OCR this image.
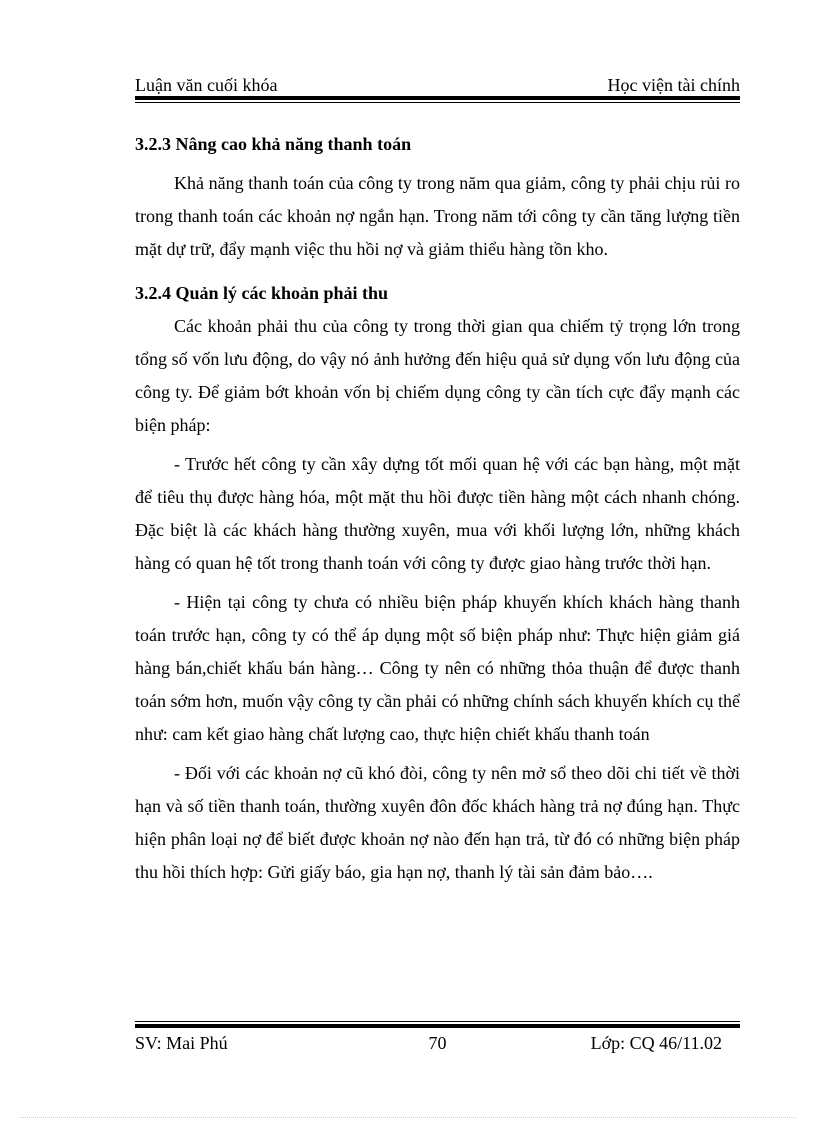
Luận văn cuối khóa	Học viện tài chính

3.2.3 Nâng cao khả năng thanh toán

Khả năng thanh toán của công ty trong năm qua giảm, công ty phải chịu rủi ro trong thanh toán các khoản nợ ngắn hạn. Trong năm tới công ty cần tăng lượng tiền mặt dự trữ, đẩy mạnh việc thu hồi nợ và giảm thiểu hàng tồn kho.

3.2.4 Quản lý các khoản phải thu

Các khoản phải thu của công ty trong thời gian qua chiếm tỷ trọng lớn trong tổng số vốn lưu động, do vậy nó ảnh hưởng đến hiệu quả sử dụng vốn lưu động của công ty. Để giảm bớt khoản vốn bị chiếm dụng công ty cần tích cực đẩy mạnh các biện pháp:

- Trước hết công ty cần xây dựng tốt mối quan hệ với các bạn hàng, một mặt để tiêu thụ được hàng hóa, một mặt thu hồi được tiền hàng một cách nhanh chóng. Đặc biệt là các khách hàng thường xuyên, mua với khối lượng lớn, những khách hàng có quan hệ tốt trong thanh toán với công ty được giao hàng trước thời hạn.

- Hiện tại công ty chưa có nhiều biện pháp khuyến khích khách hàng thanh toán trước hạn, công ty có thể áp dụng một số biện pháp như: Thực hiện giảm giá hàng bán,chiết khấu bán hàng… Công ty nên có những thỏa thuận để được thanh toán sớm hơn, muốn vậy công ty cần phải có những chính sách khuyến khích cụ thể như: cam kết giao hàng chất lượng cao, thực hiện chiết khấu thanh toán

- Đối với các khoản nợ cũ khó đòi, công ty nên mở sổ theo dõi chi tiết về thời hạn và số tiền thanh toán, thường xuyên đôn đốc khách hàng trả nợ đúng hạn. Thực hiện phân loại nợ để biết được khoản nợ nào đến hạn trả, từ đó có những biện pháp thu hồi thích hợp: Gửi giấy báo, gia hạn nợ, thanh lý tài sản đảm bảo….

SV: Mai Phú	70	Lớp: CQ 46/11.02
